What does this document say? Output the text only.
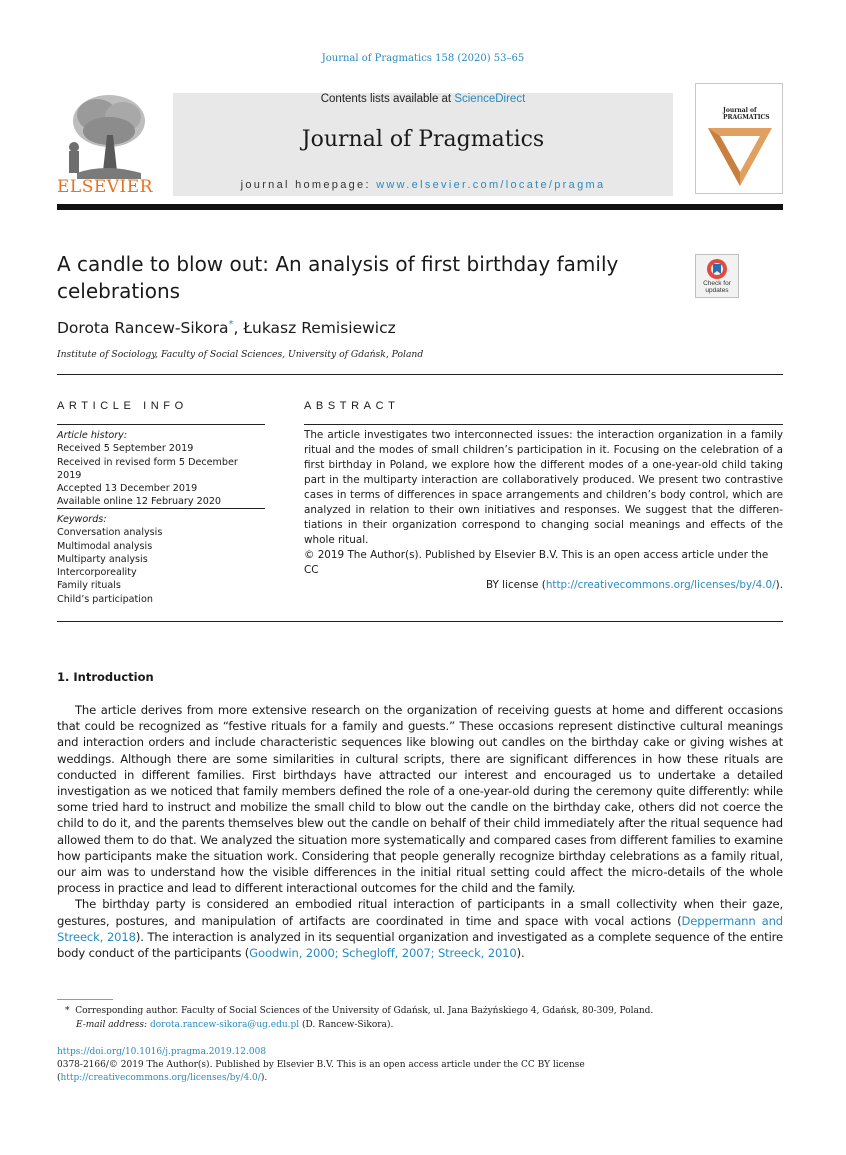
Journal of Pragmatics 158 (2020) 53–65
ELSEVIER
Contents lists available at ScienceDirect
Journal of Pragmatics
journal homepage: www.elsevier.com/locate/pragma
Journal of
PRAGMATICS
A candle to blow out: An analysis of first birthday family
celebrations	Check for
updates
Dorota Rancew-Sikora*, Łukasz Remisiewicz
Institute of Sociology, Faculty of Social Sciences, University of Gdańsk, Poland
ARTICLE INFO	ABSTRACT
Article history:
Received 5 September 2019
Received in revised form 5 December 2019
Accepted 13 December 2019
Available online 12 February 2020
Keywords:
Conversation analysis
Multimodal analysis
Multiparty analysis
Intercorporeality
Family rituals
Child’s participation
The article investigates two interconnected issues: the interaction organization in a family ritual and the modes of small children’s participation in it. Focusing on the celebration of a first birthday in Poland, we explore how the different modes of a one-year-old child taking part in the multiparty interaction are collaboratively produced. We present two contrastive cases in terms of differences in space arrangements and children’s body control, which are analyzed in relation to their own initiatives and responses. We suggest that the differentiations in their organization correspond to changing social meanings and effects of the whole ritual.
© 2019 The Author(s). Published by Elsevier B.V. This is an open access article under the CC
BY license (http://creativecommons.org/licenses/by/4.0/).
1. Introduction

The article derives from more extensive research on the organization of receiving guests at home and different occasions that could be recognized as “festive rituals for a family and guests.” These occasions represent distinctive cultural meanings and interaction orders and include characteristic sequences like blowing out candles on the birthday cake or giving wishes at weddings. Although there are some similarities in cultural scripts, there are significant differences in how these rituals are conducted in different families. First birthdays have attracted our interest and encouraged us to undertake a detailed investigation as we noticed that family members defined the role of a one-year-old during the ceremony quite differently: while some tried hard to instruct and mobilize the small child to blow out the candle on the birthday cake, others did not coerce the child to do it, and the parents themselves blew out the candle on behalf of their child immediately after the ritual sequence had allowed them to do that. We analyzed the situation more systematically and compared cases from different families to examine how participants make the situation work. Considering that people generally recognize birthday celebrations as a family ritual, our aim was to understand how the visible differences in the initial ritual setting could affect the micro-details of the whole process in practice and lead to different interactional outcomes for the child and the family.

The birthday party is considered an embodied ritual interaction of participants in a small collectivity when their gaze, gestures, postures, and manipulation of artifacts are coordinated in time and space with vocal actions (Deppermann and Streeck, 2018). The interaction is analyzed in its sequential organization and investigated as a complete sequence of the entire body conduct of the participants (Goodwin, 2000; Schegloff, 2007; Streeck, 2010).

* Corresponding author. Faculty of Social Sciences of the University of Gdańsk, ul. Jana Bażyńskiego 4, Gdańsk, 80-309, Poland.
E-mail address: dorota.rancew-sikora@ug.edu.pl (D. Rancew-Sikora).
https://doi.org/10.1016/j.pragma.2019.12.008
0378-2166/© 2019 The Author(s). Published by Elsevier B.V. This is an open access article under the CC BY license (http://creativecommons.org/licenses/by/4.0/).
